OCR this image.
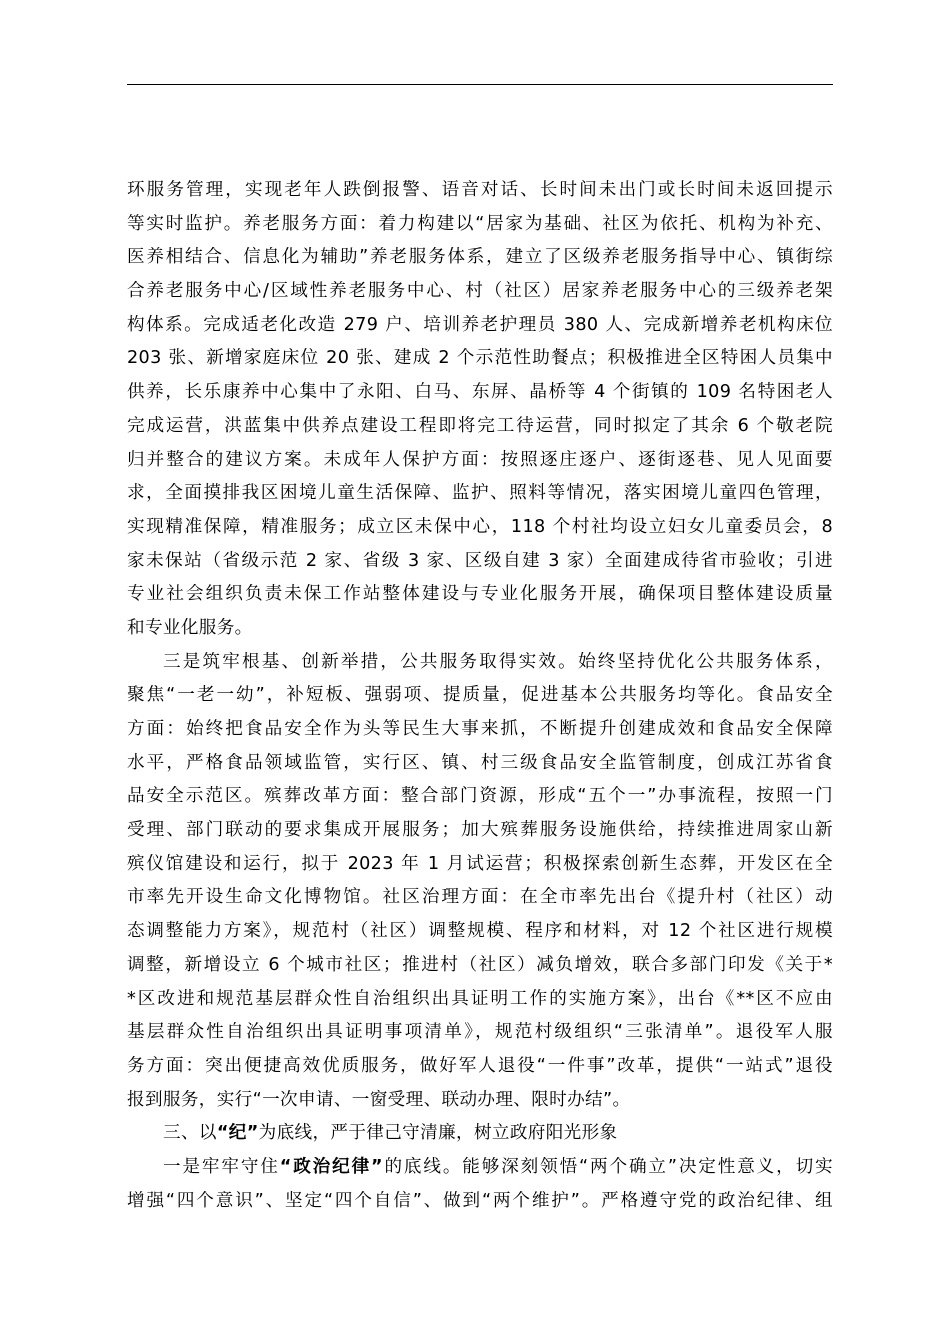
环服务管理，实现老年人跌倒报警、语音对话、长时间未出门或长时间未返回提示
等实时监护。养老服务方面：着力构建以“居家为基础、社区为依托、机构为补充、
医养相结合、信息化为辅助”养老服务体系，建立了区级养老服务指导中心、镇街综
合养老服务中心/区域性养老服务中心、村（社区）居家养老服务中心的三级养老架
构体系。完成适老化改造 279 户、培训养老护理员 380 人、完成新增养老机构床位
203 张、新增家庭床位 20 张、建成 2 个示范性助餐点；积极推进全区特困人员集中
供养，长乐康养中心集中了永阳、白马、东屏、晶桥等 4 个街镇的 109 名特困老人
完成运营，洪蓝集中供养点建设工程即将完工待运营，同时拟定了其余 6 个敬老院
归并整合的建议方案。未成年人保护方面：按照逐庄逐户、逐街逐巷、见人见面要
求，全面摸排我区困境儿童生活保障、监护、照料等情况，落实困境儿童四色管理，
实现精准保障，精准服务；成立区未保中心，118 个村社均设立妇女儿童委员会，8
家未保站（省级示范 2 家、省级 3 家、区级自建 3 家）全面建成待省市验收；引进
专业社会组织负责未保工作站整体建设与专业化服务开展，确保项目整体建设质量
和专业化服务。
三是筑牢根基、创新举措，公共服务取得实效。始终坚持优化公共服务体系，
聚焦“一老一幼”，补短板、强弱项、提质量，促进基本公共服务均等化。食品安全
方面：始终把食品安全作为头等民生大事来抓，不断提升创建成效和食品安全保障
水平，严格食品领域监管，实行区、镇、村三级食品安全监管制度，创成江苏省食
品安全示范区。殡葬改革方面：整合部门资源，形成“五个一”办事流程，按照一门
受理、部门联动的要求集成开展服务；加大殡葬服务设施供给，持续推进周家山新
殡仪馆建设和运行，拟于 2023 年 1 月试运营；积极探索创新生态葬，开发区在全
市率先开设生命文化博物馆。社区治理方面：在全市率先出台《提升村（社区）动
态调整能力方案》，规范村（社区）调整规模、程序和材料，对 12 个社区进行规模
调整，新增设立 6 个城市社区；推进村（社区）减负增效，联合多部门印发《关于*
*区改进和规范基层群众性自治组织出具证明工作的实施方案》，出台《**区不应由
基层群众性自治组织出具证明事项清单》，规范村级组织“三张清单”。退役军人服
务方面：突出便捷高效优质服务，做好军人退役“一件事”改革，提供“一站式”退役
报到服务，实行“一次申请、一窗受理、联动办理、限时办结”。
三、以“纪”为底线，严于律己守清廉，树立政府阳光形象
一是牢牢守住“政治纪律”的底线。能够深刻领悟“两个确立”决定性意义，切实
增强“四个意识”、坚定“四个自信”、做到“两个维护”。严格遵守党的政治纪律、组
